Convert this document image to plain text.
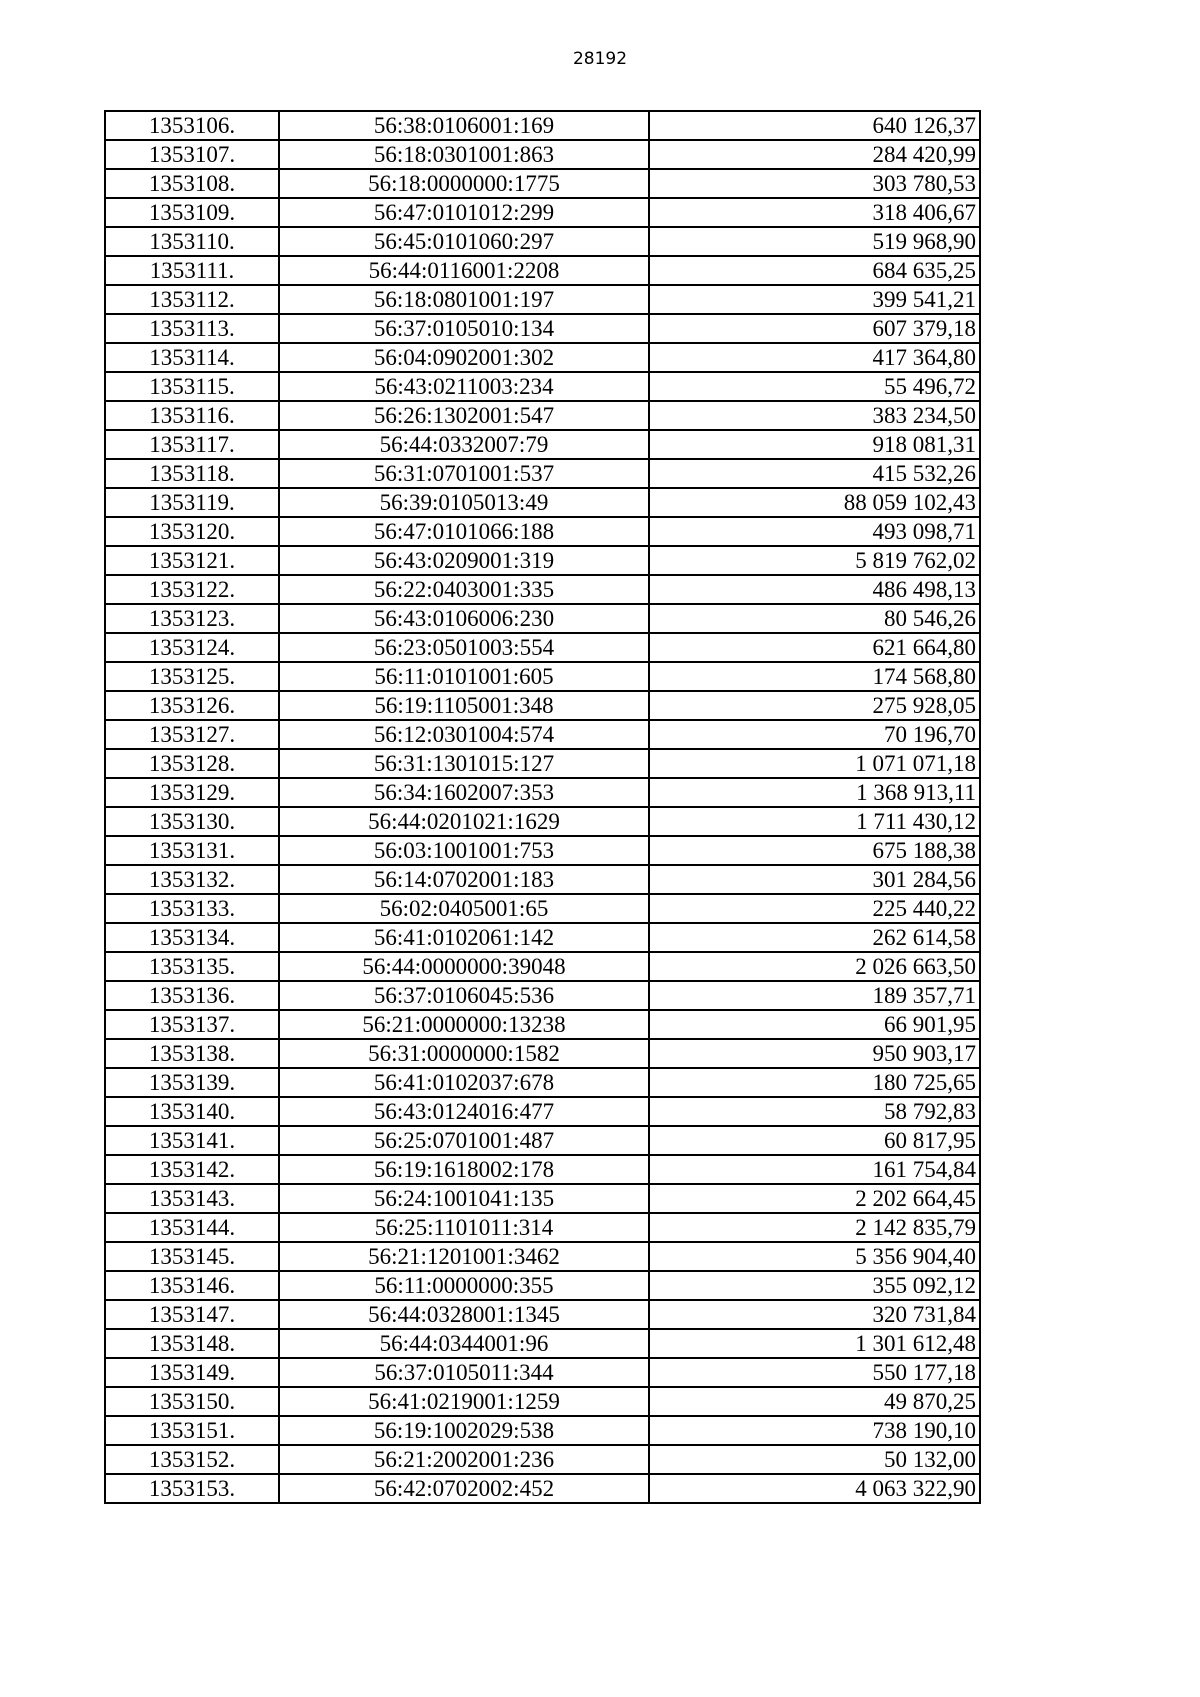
28192
1353106.	56:38:0106001:169	640 126,37
1353107.	56:18:0301001:863	284 420,99
1353108.	56:18:0000000:1775	303 780,53
1353109.	56:47:0101012:299	318 406,67
1353110.	56:45:0101060:297	519 968,90
1353111.	56:44:0116001:2208	684 635,25
1353112.	56:18:0801001:197	399 541,21
1353113.	56:37:0105010:134	607 379,18
1353114.	56:04:0902001:302	417 364,80
1353115.	56:43:0211003:234	55 496,72
1353116.	56:26:1302001:547	383 234,50
1353117.	56:44:0332007:79	918 081,31
1353118.	56:31:0701001:537	415 532,26
1353119.	56:39:0105013:49	88 059 102,43
1353120.	56:47:0101066:188	493 098,71
1353121.	56:43:0209001:319	5 819 762,02
1353122.	56:22:0403001:335	486 498,13
1353123.	56:43:0106006:230	80 546,26
1353124.	56:23:0501003:554	621 664,80
1353125.	56:11:0101001:605	174 568,80
1353126.	56:19:1105001:348	275 928,05
1353127.	56:12:0301004:574	70 196,70
1353128.	56:31:1301015:127	1 071 071,18
1353129.	56:34:1602007:353	1 368 913,11
1353130.	56:44:0201021:1629	1 711 430,12
1353131.	56:03:1001001:753	675 188,38
1353132.	56:14:0702001:183	301 284,56
1353133.	56:02:0405001:65	225 440,22
1353134.	56:41:0102061:142	262 614,58
1353135.	56:44:0000000:39048	2 026 663,50
1353136.	56:37:0106045:536	189 357,71
1353137.	56:21:0000000:13238	66 901,95
1353138.	56:31:0000000:1582	950 903,17
1353139.	56:41:0102037:678	180 725,65
1353140.	56:43:0124016:477	58 792,83
1353141.	56:25:0701001:487	60 817,95
1353142.	56:19:1618002:178	161 754,84
1353143.	56:24:1001041:135	2 202 664,45
1353144.	56:25:1101011:314	2 142 835,79
1353145.	56:21:1201001:3462	5 356 904,40
1353146.	56:11:0000000:355	355 092,12
1353147.	56:44:0328001:1345	320 731,84
1353148.	56:44:0344001:96	1 301 612,48
1353149.	56:37:0105011:344	550 177,18
1353150.	56:41:0219001:1259	49 870,25
1353151.	56:19:1002029:538	738 190,10
1353152.	56:21:2002001:236	50 132,00
1353153.	56:42:0702002:452	4 063 322,90
